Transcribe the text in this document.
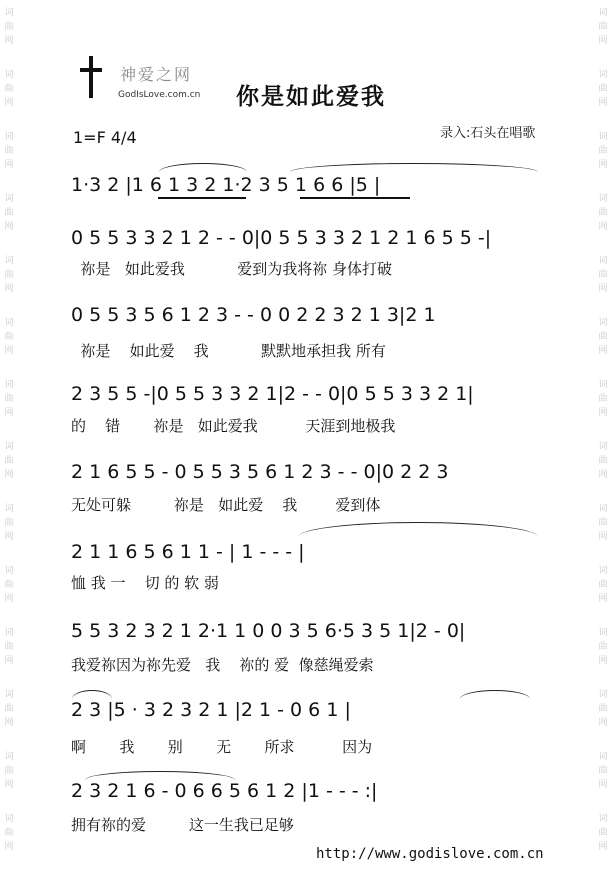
词曲网
词曲网
词曲网
词曲网
词曲网
词曲网
词曲网
词曲网
词曲网
词曲网
词曲网
词曲网
词曲网
词曲网
词曲网
词曲网
词曲网
词曲网
词曲网
词曲网
词曲网
词曲网
词曲网
词曲网
词曲网
词曲网
词曲网
词曲网
神爱之网
GodIsLove.com.cn 你是如此爱我
1=F 4/4	录入:石头在唱歌
1·3 2 |1 6 1 3 2 1·2 3 5 1 6 6 |5 |
0 5 5 3 3 2 1 2 - - 0|0 5 5 3 3 2 1 2 1 6 5 5 -|
祢是   如此爱我           爱到为我将祢 身体打破
0 5 5 3 5 6 1 2 3 - - 0 0 2 2 3 2 1 3|2 1
祢是    如此爱    我           默默地承担我 所有
2 3 5 5 -|0 5 5 3 3 2 1|2 - - 0|0 5 5 3 3 2 1|
的    错       祢是   如此爱我          天涯到地极我
2 1 6 5 5 - 0 5 5 3 5 6 1 2 3 - - 0|0 2 2 3
无处可躲         祢是   如此爱    我        爱到体
2 1 1 6 5 6 1 1 - | 1 - - - |
恤 我 一    切 的 软 弱
5 5 3 2 3 2 1 2·1 1 0 0 3 5 6·5 3 5 1|2 - 0|
我爱祢因为祢先爱   我    祢的 爱  像慈绳爱索
2 3 |5 · 3 2 3 2 1 |2 1 - 0 6 1 |
啊       我       别       无       所求          因为
2 3 2 1 6 - 0 6 6 5 6 1 2 |1 - - - :|
拥有祢的爱         这一生我已足够
http://www.godislove.com.cn
